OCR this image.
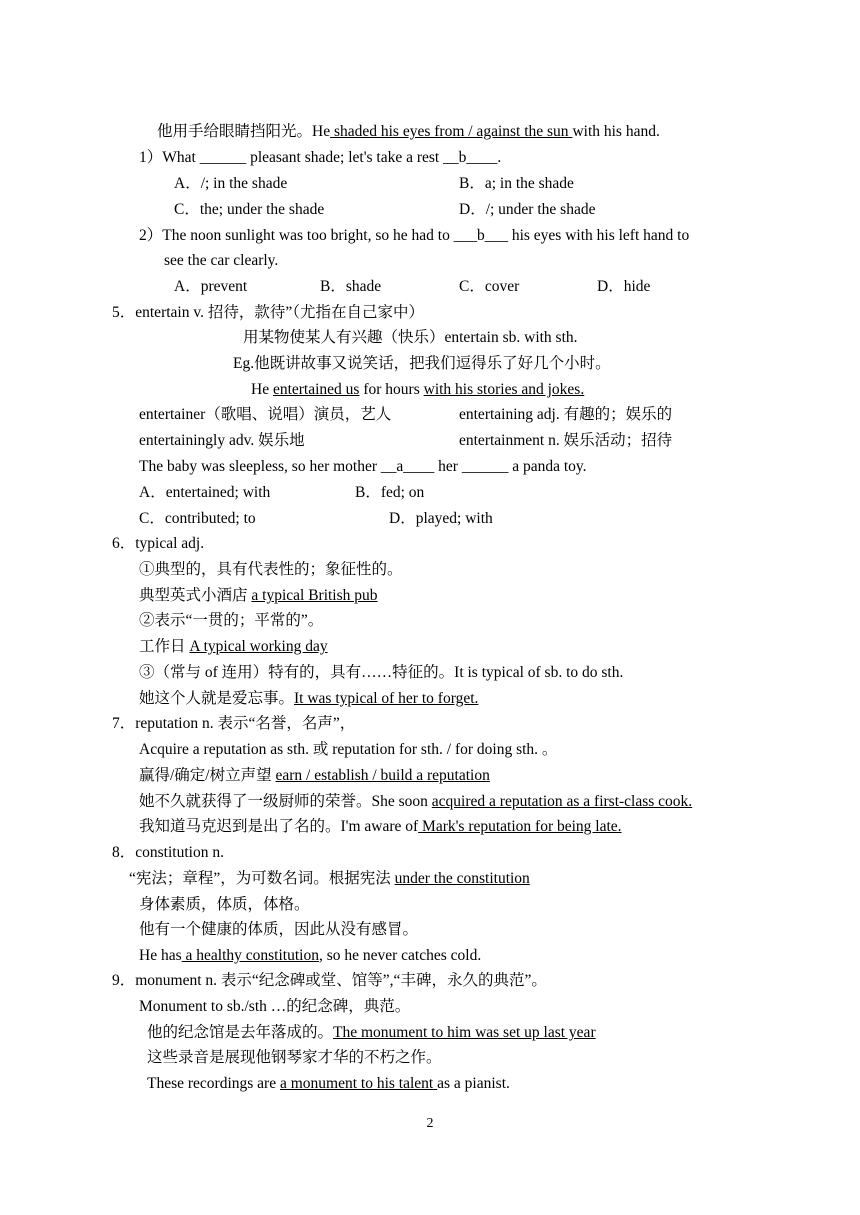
他用手给眼睛挡阳光。He shaded his eyes from / against the sun with his hand.
1）What ______ pleasant shade; let's take a rest __b____.
A．/; in the shade	B．a; in the shade
C．the; under the shade	D．/; under the shade
2）The noon sunlight was too bright, so he had to ___b___ his eyes with his left hand to
see the car clearly.
A．prevent	B．shade	C．cover	D．hide
5．entertain v. 招待，款待”（尤指在自己家中）
用某物使某人有兴趣（快乐）entertain sb. with sth.
Eg.他既讲故事又说笑话，把我们逗得乐了好几个小时。
He entertained us for hours with his stories and jokes.
entertainer（歌唱、说唱）演员，艺人	entertaining adj. 有趣的；娱乐的
entertainingly adv. 娱乐地	entertainment n. 娱乐活动；招待
The baby was sleepless, so her mother __a____ her ______ a panda toy.
A．entertained; with	B．fed; on
C．contributed; to	D．played; with
6．typical adj.
①典型的，具有代表性的；象征性的。
典型英式小酒店 a typical British pub
②表示“一贯的；平常的”。
工作日 A typical working day
③（常与 of 连用）特有的，具有……特征的。It is typical of sb. to do sth.
她这个人就是爱忘事。It was typical of her to forget.
7．reputation n. 表示“名誉，名声”，
Acquire a reputation as sth. 或 reputation for sth. / for doing sth. 。
赢得/确定/树立声望 earn / establish / build a reputation
她不久就获得了一级厨师的荣誉。She soon acquired a reputation as a first-class cook.
我知道马克迟到是出了名的。I'm aware of Mark's reputation for being late.
8．constitution n.
“宪法；章程”，为可数名词。根据宪法 under the constitution
身体素质，体质，体格。
他有一个健康的体质，因此从没有感冒。
He has a healthy constitution, so he never catches cold.
9．monument n. 表示“纪念碑或堂、馆等”,“丰碑，永久的典范”。
Monument to sb./sth …的纪念碑，典范。
他的纪念馆是去年落成的。The monument to him was set up last year
这些录音是展现他钢琴家才华的不朽之作。
These recordings are a monument to his talent as a pianist.
2
